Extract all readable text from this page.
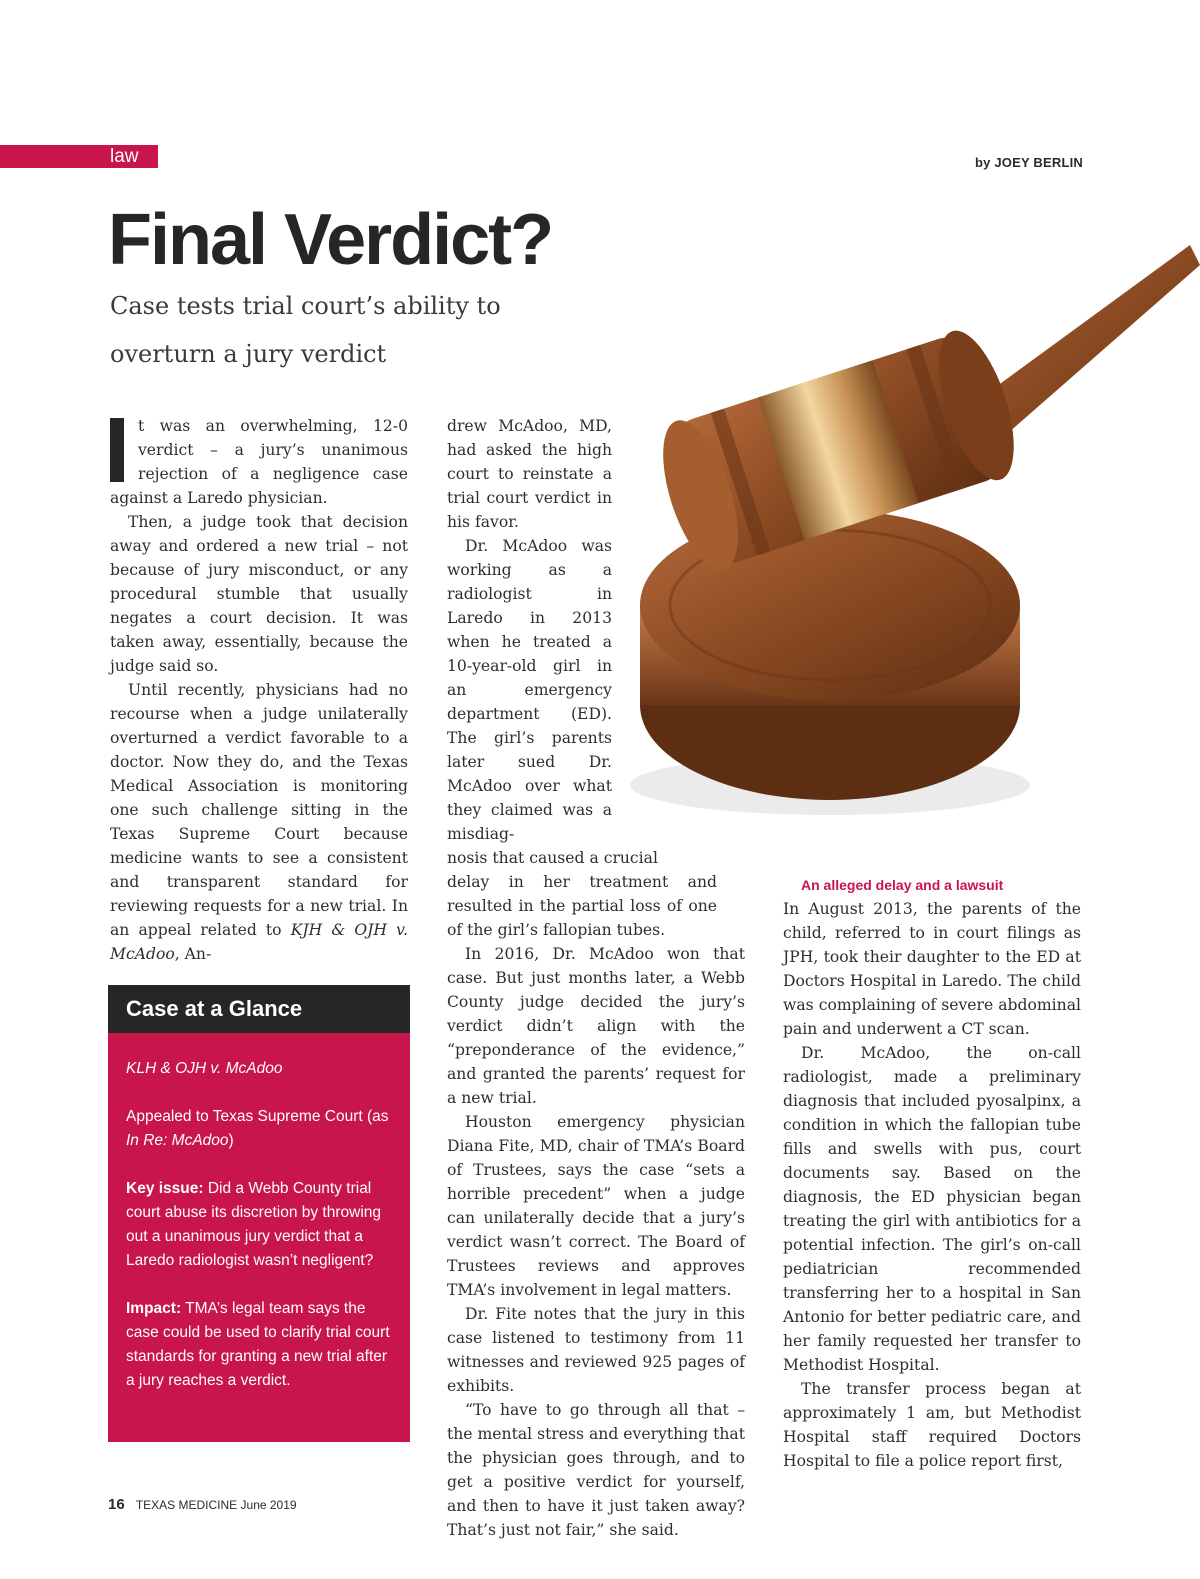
law	by JOEY BERLIN
Final Verdict?
Case tests trial court’s ability to overturn a jury verdict

t was an overwhelming, 12-0 verdict – a jury’s unanimous rejection of a negligence case against a Laredo physician.

Then, a judge took that decision away and ordered a new trial – not because of jury misconduct, or any procedural stumble that usually negates a court decision. It was taken away, essentially, because the judge said so.

Until recently, physicians had no recourse when a judge unilaterally overturned a verdict favorable to a doctor. Now they do, and the Texas Medical Association is monitoring one such challenge sitting in the Texas Supreme Court because medicine wants to see a consistent and transparent standard for reviewing requests for a new trial. In an appeal related to KJH & OJH v. McAdoo, An-

Case at a Glance

KLH & OJH v. McAdoo

Appealed to Texas Supreme Court (as In Re: McAdoo)

Key issue: Did a Webb County trial court abuse its discretion by throwing out a unanimous jury verdict that a Laredo radiologist wasn’t negligent?

Impact: TMA’s legal team says the case could be used to clarify trial court standards for granting a new trial after a jury reaches a verdict.

drew McAdoo, MD, had asked the high court to reinstate a trial court verdict in his favor.

Dr. McAdoo was working as a radiologist in Laredo in 2013 when he treated a 10-year-old girl in an emergency department (ED). The girl’s parents later sued Dr. McAdoo over what they claimed was a misdiag-

nosis that caused a crucial

delay in her treatment and resulted in the partial loss of one of the girl’s fallopian tubes.

In 2016, Dr. McAdoo won that case. But just months later, a Webb County judge decided the jury’s verdict didn’t align with the “preponderance of the evidence,” and granted the parents’ request for a new trial.

Houston emergency physician Diana Fite, MD, chair of TMA’s Board of Trustees, says the case “sets a horrible precedent” when a judge can unilaterally decide that a jury’s verdict wasn’t correct. The Board of Trustees reviews and approves TMA’s involvement in legal matters.

Dr. Fite notes that the jury in this case listened to testimony from 11 witnesses and reviewed 925 pages of exhibits.

“To have to go through all that – the mental stress and everything that the physician goes through, and to get a positive verdict for yourself, and then to have it just taken away? That’s just not fair,” she said.

An alleged delay and a lawsuit

In August 2013, the parents of the child, referred to in court filings as JPH, took their daughter to the ED at Doctors Hospital in Laredo. The child was complaining of severe abdominal pain and underwent a CT scan.

Dr. McAdoo, the on-call radiologist, made a preliminary diagnosis that included pyosalpinx, a condition in which the fallopian tube fills and swells with pus, court documents say. Based on the diagnosis, the ED physician began treating the girl with antibiotics for a potential infection. The girl’s on-call pediatrician recommended transferring her to a hospital in San Antonio for better pediatric care, and her family requested her transfer to Methodist Hospital.

The transfer process began at approximately 1 am, but Methodist Hospital staff required Doctors Hospital to file a police report first,

16 TEXAS MEDICINE June 2019
